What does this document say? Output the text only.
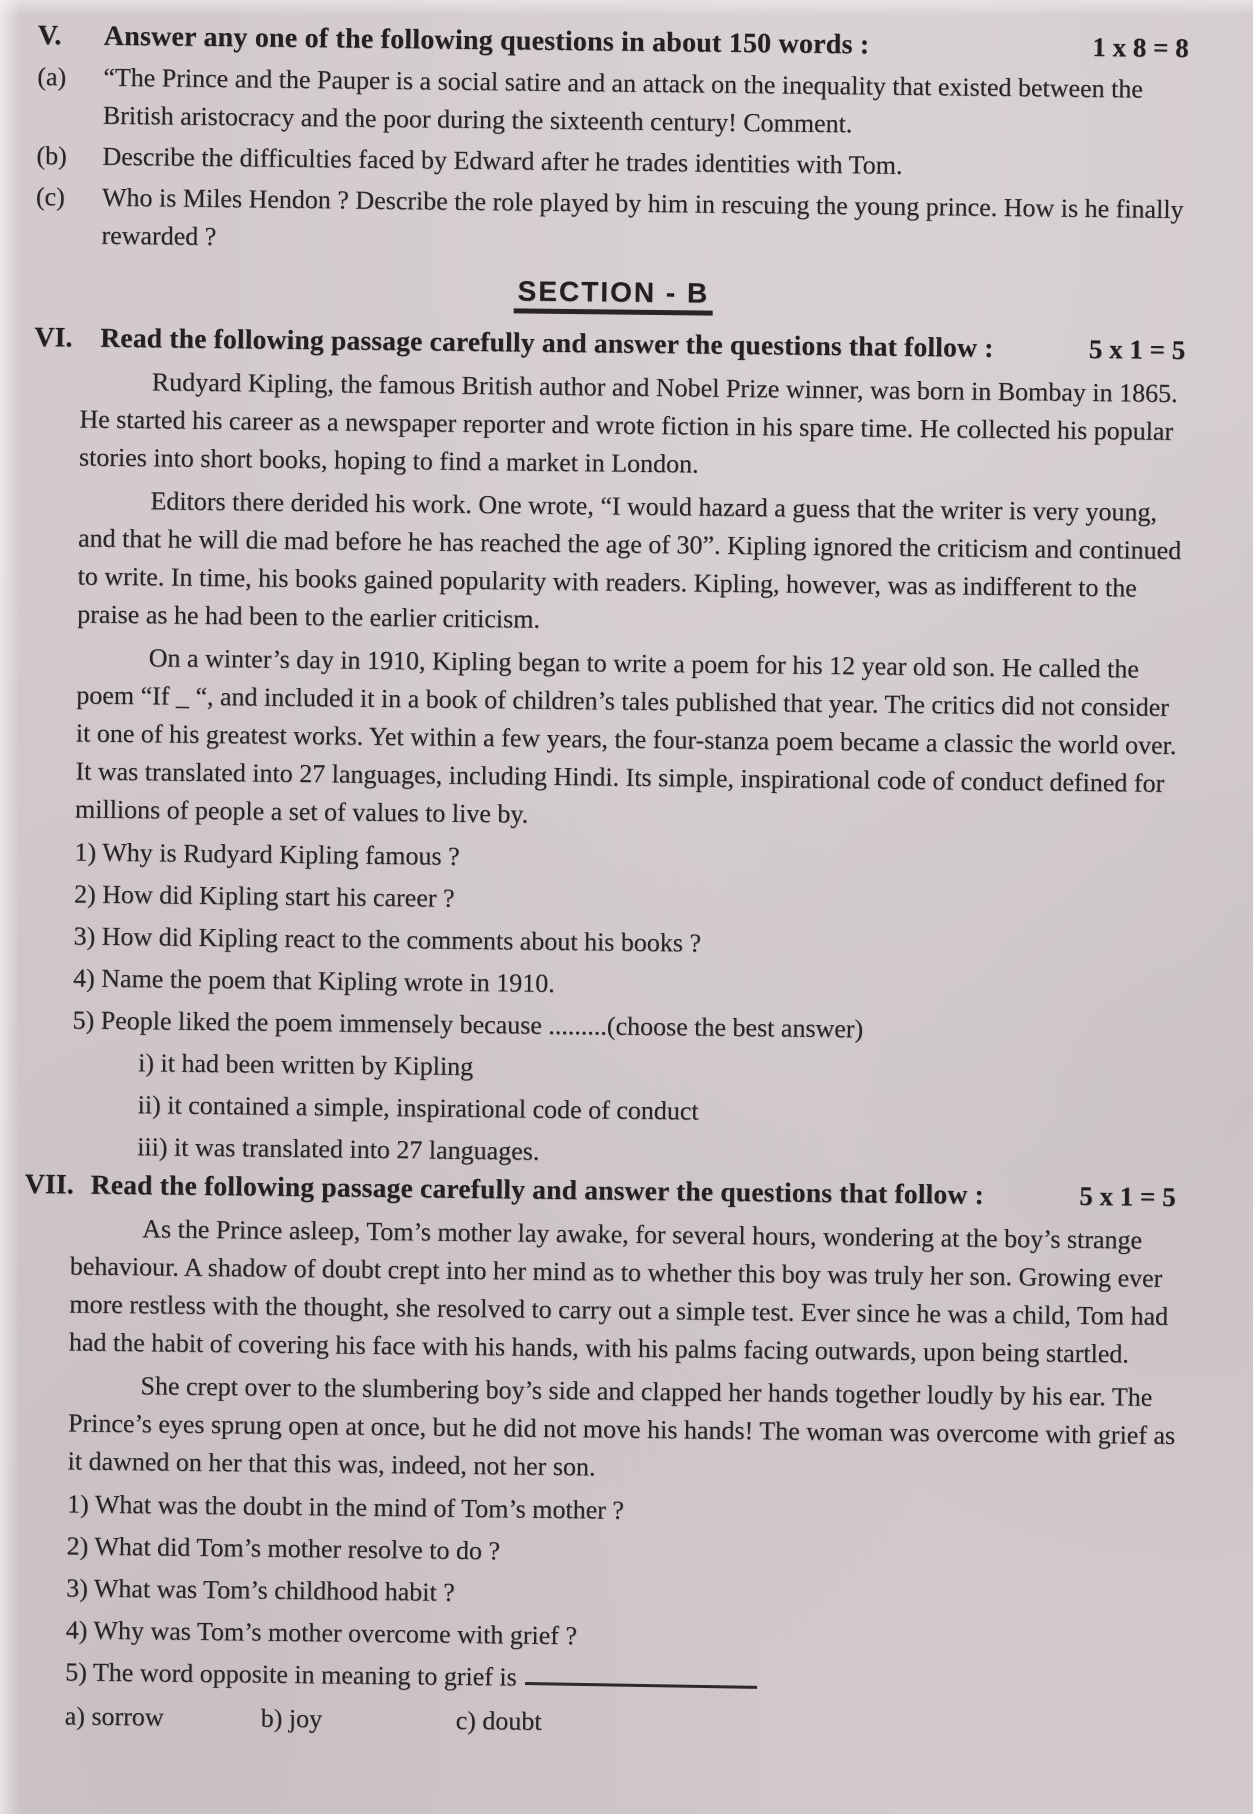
V.	Answer any one of the following questions in about 150 words :	1 x 8 = 8
(a)	“The Prince and the Pauper is a social satire and an attack on the inequality that existed between the British aristocracy and the poor during the sixteenth century! Comment.
(b)	Describe the difficulties faced by Edward after he trades identities with Tom.
(c)	Who is Miles Hendon ? Describe the role played by him in rescuing the young prince. How is he finally rewarded ?
SECTION - B
VI.	Read the following passage carefully and answer the questions that follow :	5 x 1 = 5

Rudyard Kipling, the famous British author and Nobel Prize winner, was born in Bombay in 1865. He started his career as a newspaper reporter and wrote fiction in his spare time. He collected his popular stories into short books, hoping to find a market in London.

Editors there derided his work. One wrote, “I would hazard a guess that the writer is very young, and that he will die mad before he has reached the age of 30”. Kipling ignored the criticism and continued to write. In time, his books gained popularity with readers. Kipling, however, was as indifferent to the praise as he had been to the earlier criticism.

On a winter’s day in 1910, Kipling began to write a poem for his 12 year old son. He called the poem “If _ “, and included it in a book of children’s tales published that year. The critics did not consider it one of his greatest works. Yet within a few years, the four-stanza poem became a classic the world over. It was translated into 27 languages, including Hindi. Its simple, inspirational code of conduct defined for millions of people a set of values to live by.

1) Why is Rudyard Kipling famous ?
2) How did Kipling start his career ?
3) How did Kipling react to the comments about his books ?
4) Name the poem that Kipling wrote in 1910.
5) People liked the poem immensely because .........(choose the best answer)
i) it had been written by Kipling
ii) it contained a simple, inspirational code of conduct
iii) it was translated into 27 languages.
VII. Read the following passage carefully and answer the questions that follow :	5 x 1 = 5

As the Prince asleep, Tom’s mother lay awake, for several hours, wondering at the boy’s strange behaviour. A shadow of doubt crept into her mind as to whether this boy was truly her son. Growing ever more restless with the thought, she resolved to carry out a simple test. Ever since he was a child, Tom had had the habit of covering his face with his hands, with his palms facing outwards, upon being startled.

She crept over to the slumbering boy’s side and clapped her hands together loudly by his ear. The Prince’s eyes sprung open at once, but he did not move his hands! The woman was overcome with grief as it dawned on her that this was, indeed, not her son.

1) What was the doubt in the mind of Tom’s mother ?
2) What did Tom’s mother resolve to do ?
3) What was Tom’s childhood habit ?
4) Why was Tom’s mother overcome with grief ?
5) The word opposite in meaning to grief is
a) sorrow	b) joy	c) doubt
